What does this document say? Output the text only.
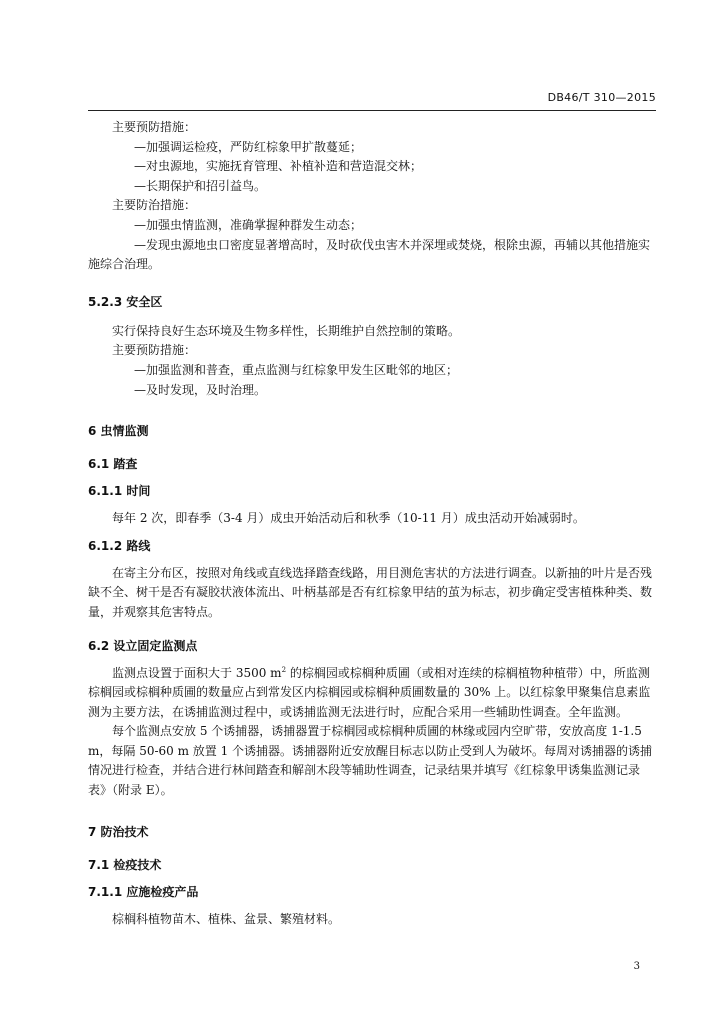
DB46/T 310—2015

主要预防措施：

—加强调运检疫，严防红棕象甲扩散蔓延；

—对虫源地，实施抚育管理、补植补造和营造混交林；

—长期保护和招引益鸟。

主要防治措施：

—加强虫情监测，准确掌握种群发生动态；

—发现虫源地虫口密度显著增高时，及时砍伐虫害木并深埋或焚烧，根除虫源，再辅以其他措施实施综合治理。

5.2.3 安全区

实行保持良好生态环境及生物多样性，长期维护自然控制的策略。

主要预防措施：

—加强监测和普查，重点监测与红棕象甲发生区毗邻的地区；

—及时发现，及时治理。

6 虫情监测

6.1 踏查

6.1.1 时间

每年 2 次，即春季（3-4 月）成虫开始活动后和秋季（10-11 月）成虫活动开始减弱时。

6.1.2 路线

在寄主分布区，按照对角线或直线选择踏查线路，用目测危害状的方法进行调查。以新抽的叶片是否残缺不全、树干是否有凝胶状液体流出、叶柄基部是否有红棕象甲结的茧为标志，初步确定受害植株种类、数量，并观察其危害特点。

6.2 设立固定监测点

监测点设置于面积大于 3500 $m^2$ 的棕榈园或棕榈种质圃（或相对连续的棕榈植物种植带）中，所监测棕榈园或棕榈种质圃的数量应占到常发区内棕榈园或棕榈种质圃数量的 30% 上。以红棕象甲聚集信息素监测为主要方法，在诱捕监测过程中，或诱捕监测无法进行时，应配合采用一些辅助性调查。全年监测。

每个监测点安放 5 个诱捕器，诱捕器置于棕榈园或棕榈种质圃的林缘或园内空旷带，安放高度 1-1.5 m，每隔 50-60 m 放置 1 个诱捕器。诱捕器附近安放醒目标志以防止受到人为破坏。每周对诱捕器的诱捕情况进行检查，并结合进行林间踏查和解剖木段等辅助性调查，记录结果并填写《红棕象甲诱集监测记录表》（附录 E）。

7 防治技术

7.1 检疫技术

7.1.1 应施检疫产品

棕榈科植物苗木、植株、盆景、繁殖材料。

3
